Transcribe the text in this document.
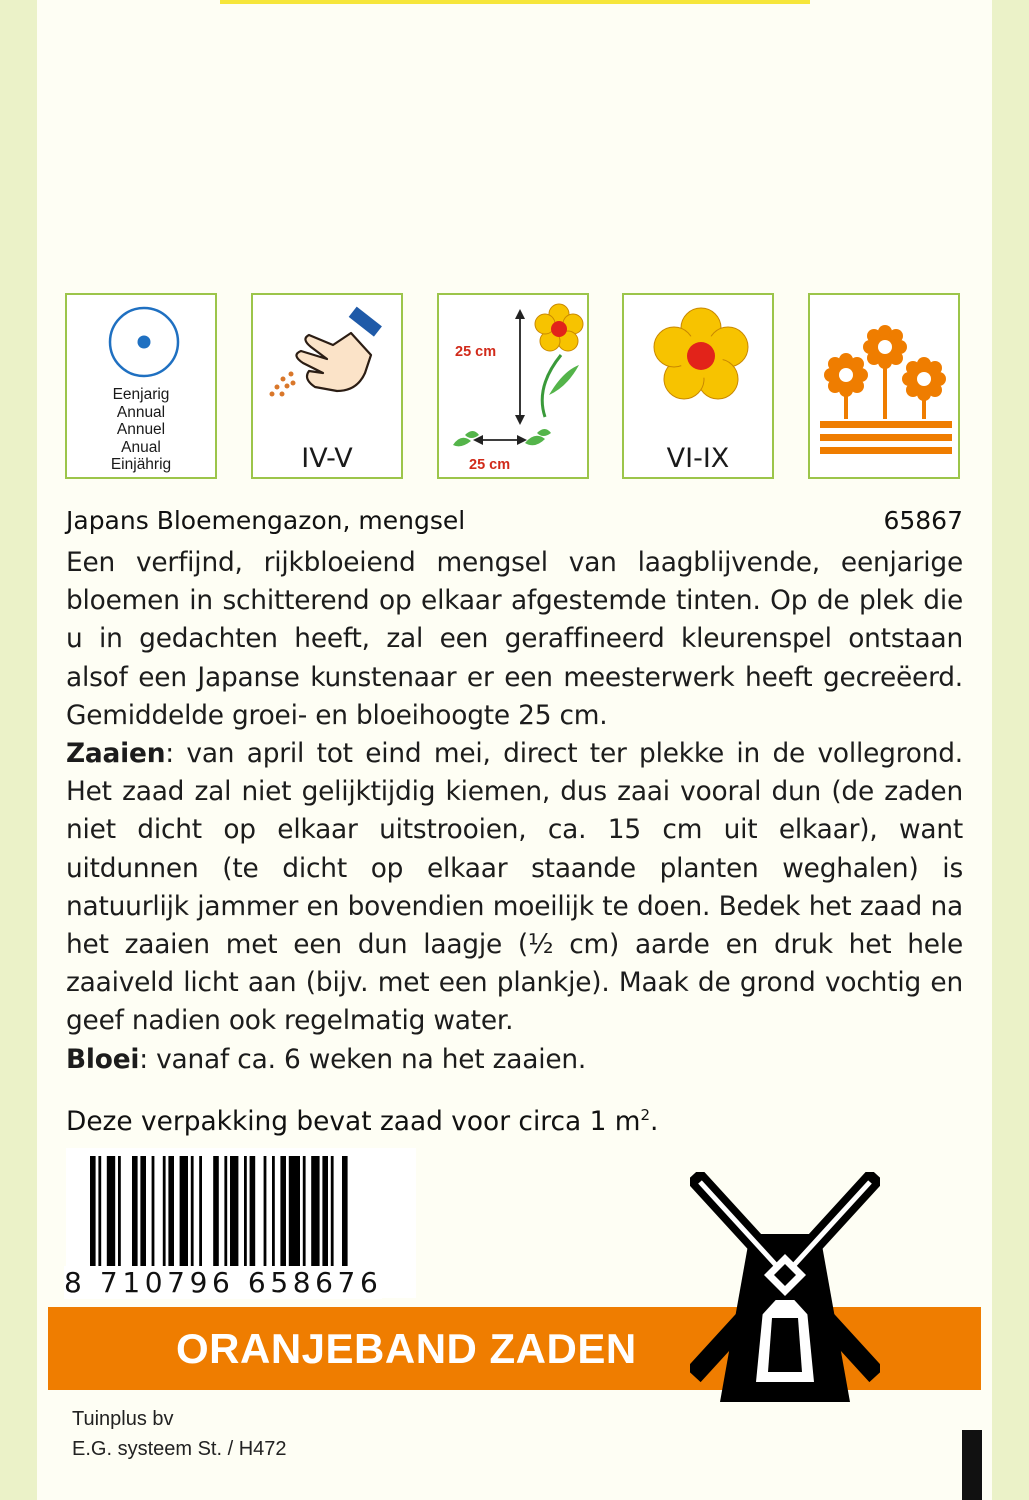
Eenjarig
Annual
Annuel
Anual
Einjährig	IV-V
25 cm
25 cm	VI-IX
Japans Bloemengazon, mengsel	65867

Een verfijnd, rijkbloeiend mengsel van laagblijvende, eenjarige bloemen in schitterend op elkaar afgestemde tinten. Op de plek die u in gedachten heeft, zal een geraffineerd kleurenspel ontstaan alsof een Japanse kunstenaar er een meesterwerk heeft gecreëerd. Gemiddelde groei- en bloeihoogte 25 cm.

Zaaien: van april tot eind mei, direct ter plekke in de vollegrond. Het zaad zal niet gelijktijdig kiemen, dus zaai vooral dun (de zaden niet dicht op elkaar uitstrooien, ca. 15 cm uit elkaar), want uitdunnen (te dicht op elkaar staande planten weghalen) is natuurlijk jammer en bovendien moeilijk te doen. Bedek het zaad na het zaaien met een dun laagje (½ cm) aarde en druk het hele zaaiveld licht aan (bijv. met een plankje). Maak de grond vochtig en geef nadien ook regelmatig water.

Bloei: vanaf ca. 6 weken na het zaaien.

Deze verpakking bevat zaad voor circa 1 $m^2$.
8 710796 658676
ORANJEBAND ZADEN
Tuinplus bv
E.G. systeem St. / H472
